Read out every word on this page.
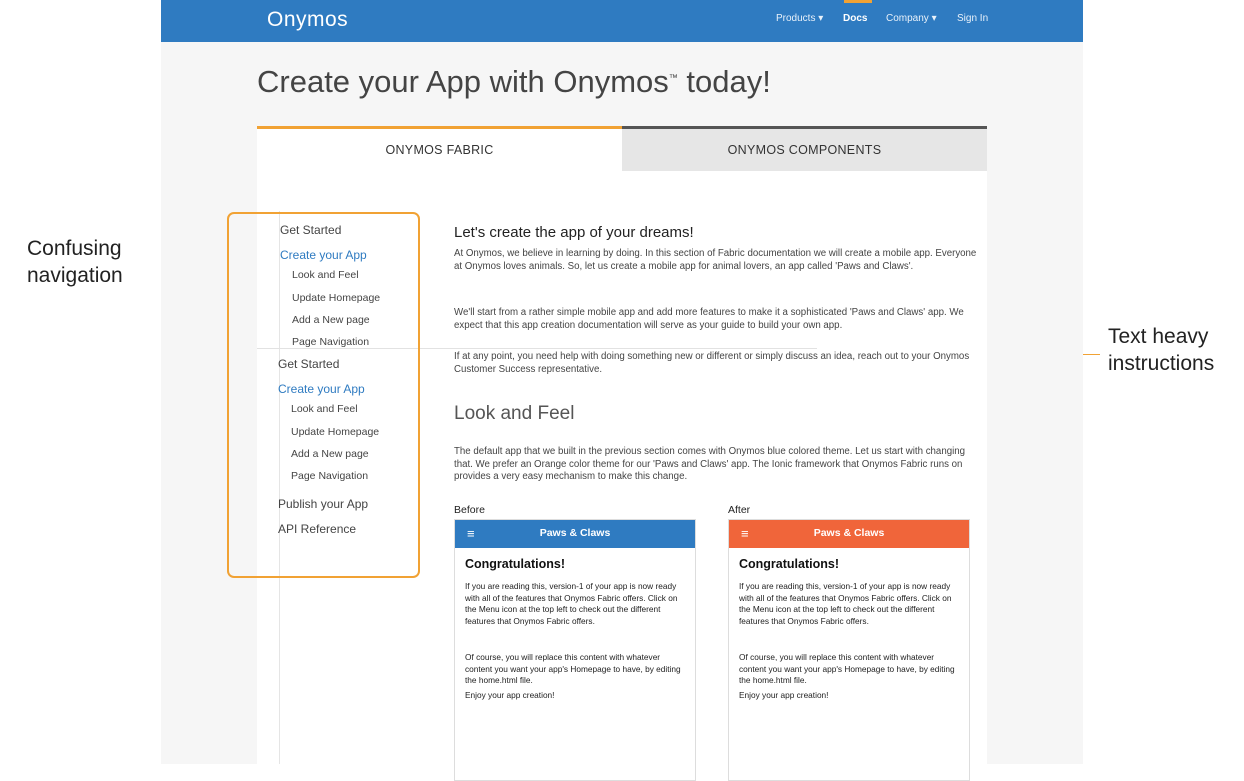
Confusing
navigation
Text heavy
instructions
Onymos	Products ▾ Docs Company ▾ Sign In
Create your App with Onymos™ today!
ONYMOS FABRIC	ONYMOS COMPONENTS
Get Started
Create your App
Look and Feel
Update Homepage
Add a New page
Page Navigation
Get Started
Create your App
Look and Feel
Update Homepage
Add a New page
Page Navigation
Publish your App
API Reference
Let's create the app of your dreams!
At Onymos, we believe in learning by doing. In this section of Fabric documentation we will create a mobile app. Everyone at Onymos loves animals. So, let us create a mobile app for animal lovers, an app called 'Paws and Claws'.
We'll start from a rather simple mobile app and add more features to make it a sophisticated 'Paws and Claws' app. We expect that this app creation documentation will serve as your guide to build your own app.
If at any point, you need help with doing something new or different or simply discuss an idea, reach out to your Onymos Customer Success representative.
Look and Feel
The default app that we built in the previous section comes with Onymos blue colored theme. Let us start with changing that. We prefer an Orange color theme for our 'Paws and Claws' app. The Ionic framework that Onymos Fabric runs on provides a very easy mechanism to make this change.
Before
≡	Paws & Claws
Congratulations!
If you are reading this, version-1 of your app is now ready with all of the features that Onymos Fabric offers. Click on the Menu icon at the top left to check out the different features that Onymos Fabric offers.
Of course, you will replace this content with whatever content you want your app's Homepage to have, by editing the home.html file.
Enjoy your app creation!
After
≡	Paws & Claws
Congratulations!
If you are reading this, version-1 of your app is now ready with all of the features that Onymos Fabric offers. Click on the Menu icon at the top left to check out the different features that Onymos Fabric offers.
Of course, you will replace this content with whatever content you want your app's Homepage to have, by editing the home.html file.
Enjoy your app creation!
